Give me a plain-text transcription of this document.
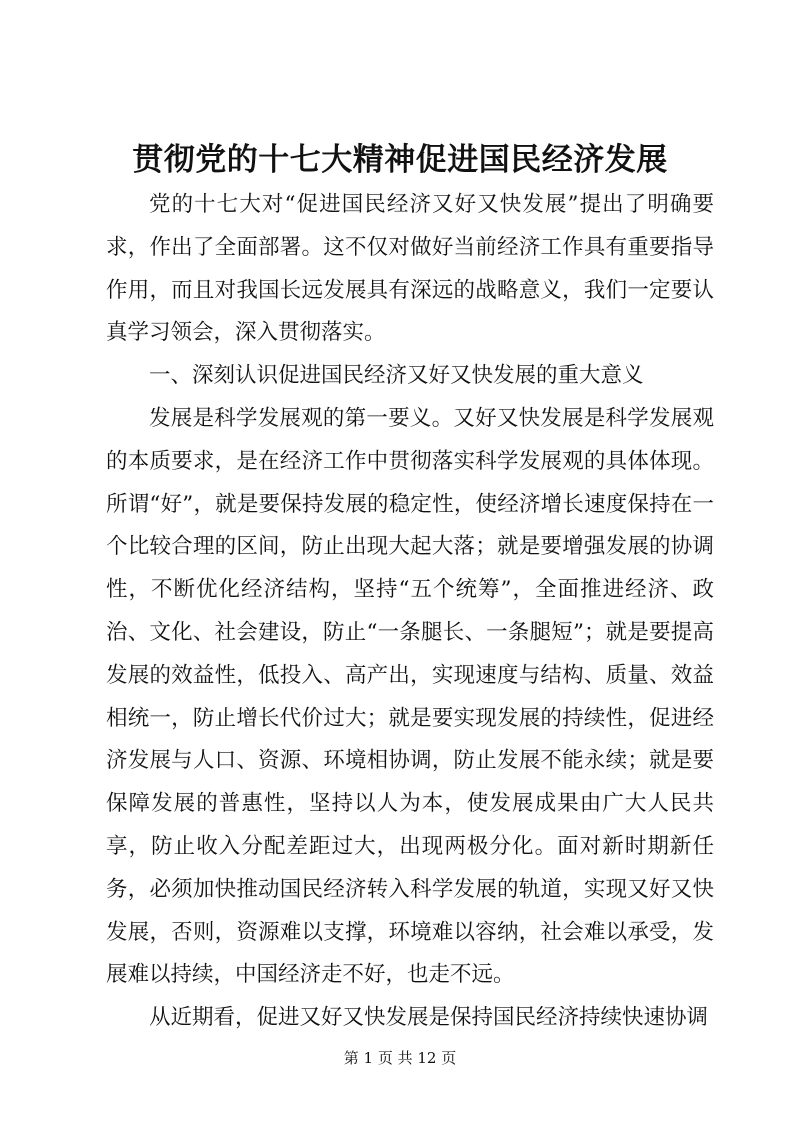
贯彻党的十七大精神促进国民经济发展

党的十七大对“促进国民经济又好又快发展”提出了明确要求，作出了全面部署。这不仅对做好当前经济工作具有重要指导作用，而且对我国长远发展具有深远的战略意义，我们一定要认真学习领会，深入贯彻落实。

一、深刻认识促进国民经济又好又快发展的重大意义

发展是科学发展观的第一要义。又好又快发展是科学发展观的本质要求，是在经济工作中贯彻落实科学发展观的具体体现。所谓“好”，就是要保持发展的稳定性，使经济增长速度保持在一个比较合理的区间，防止出现大起大落；就是要增强发展的协调性，不断优化经济结构，坚持“五个统筹”，全面推进经济、政治、文化、社会建设，防止“一条腿长、一条腿短”；就是要提高发展的效益性，低投入、高产出，实现速度与结构、质量、效益相统一，防止增长代价过大；就是要实现发展的持续性，促进经济发展与人口、资源、环境相协调，防止发展不能永续；就是要保障发展的普惠性，坚持以人为本，使发展成果由广大人民共享，防止收入分配差距过大，出现两极分化。面对新时期新任务，必须加快推动国民经济转入科学发展的轨道，实现又好又快发展，否则，资源难以支撑，环境难以容纳，社会难以承受，发展难以持续，中国经济走不好，也走不远。

从近期看，促进又好又快发展是保持国民经济持续快速协调

第 1 页 共 12 页
